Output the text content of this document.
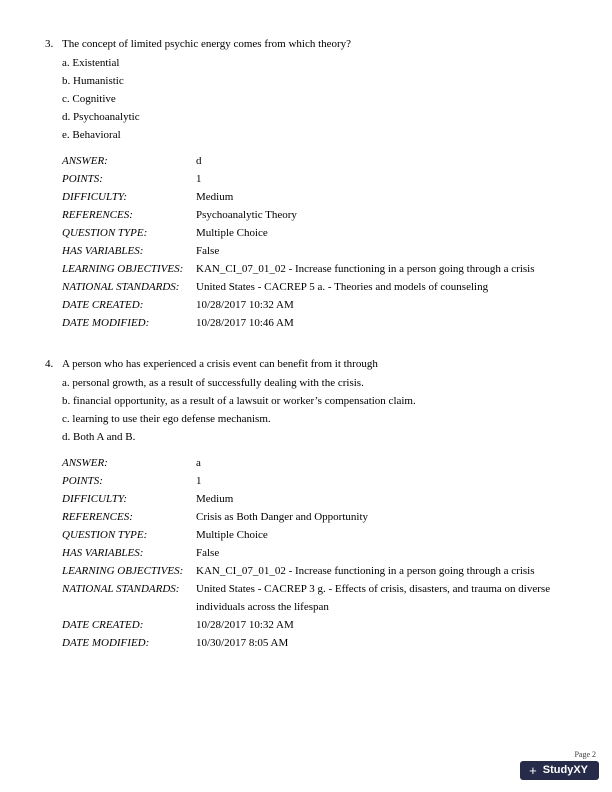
3. The concept of limited psychic energy comes from which theory?
a. Existential
b. Humanistic
c. Cognitive
d. Psychoanalytic
e. Behavioral
ANSWER:	d
POINTS:	1
DIFFICULTY:	Medium
REFERENCES:	Psychoanalytic Theory
QUESTION TYPE:	Multiple Choice
HAS VARIABLES:	False
LEARNING OBJECTIVES:	KAN_CI_07_01_02 - Increase functioning in a person going through a crisis
NATIONAL STANDARDS:	United States - CACREP 5 a. - Theories and models of counseling
DATE CREATED:	10/28/2017 10:32 AM
DATE MODIFIED:	10/28/2017 10:46 AM
4. A person who has experienced a crisis event can benefit from it through
a. personal growth, as a result of successfully dealing with the crisis.
b. financial opportunity, as a result of a lawsuit or worker’s compensation claim.
c. learning to use their ego defense mechanism.
d. Both A and B.
ANSWER:	a
POINTS:	1
DIFFICULTY:	Medium
REFERENCES:	Crisis as Both Danger and Opportunity
QUESTION TYPE:	Multiple Choice
HAS VARIABLES:	False
LEARNING OBJECTIVES:	KAN_CI_07_01_02 - Increase functioning in a person going through a crisis
NATIONAL STANDARDS:	United States - CACREP 3 g. - Effects of crisis, disasters, and trauma on diverse individuals across the lifespan
DATE CREATED:	10/28/2017 10:32 AM
DATE MODIFIED:	10/30/2017 8:05 AM
Page 2
+ StudyXY
